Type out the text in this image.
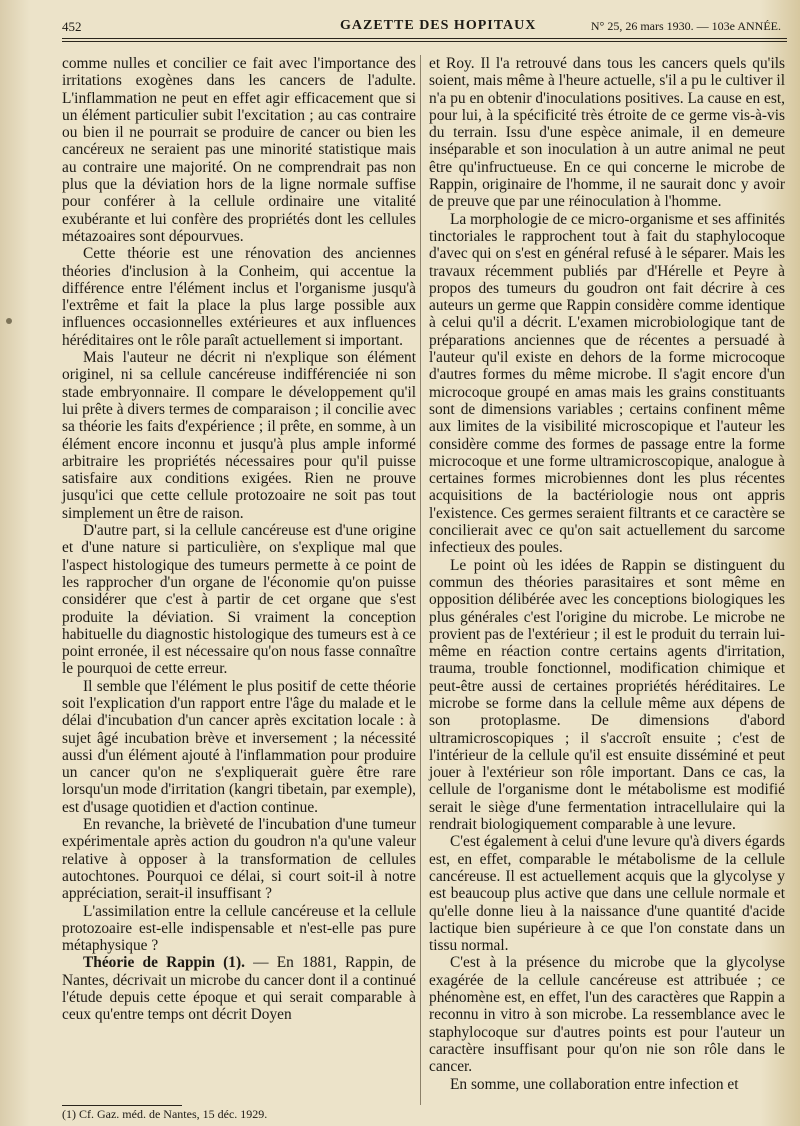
452	GAZETTE DES HOPITAUX	N° 25, 26 mars 1930. — 103e ANNÉE.

comme nulles et concilier ce fait avec l'importance des irritations exogènes dans les cancers de l'adulte. L'inflammation ne peut en effet agir efficacement que si un élément particulier subit l'excitation ; au cas contraire ou bien il ne pourrait se produire de cancer ou bien les cancéreux ne seraient pas une minorité statistique mais au contraire une majorité. On ne comprendrait pas non plus que la déviation hors de la ligne normale suffise pour conférer à la cellule ordinaire une vitalité exubérante et lui confère des propriétés dont les cellules métazoaires sont dépourvues.

Cette théorie est une rénovation des anciennes théories d'inclusion à la Conheim, qui accentue la différence entre l'élément inclus et l'organisme jusqu'à l'extrême et fait la place la plus large possible aux influences occasionnelles extérieures et aux influences héréditaires ont le rôle paraît actuellement si important.

Mais l'auteur ne décrit ni n'explique son élément originel, ni sa cellule cancéreuse indifférenciée ni son stade embryonnaire. Il compare le développement qu'il lui prête à divers termes de comparaison ; il concilie avec sa théorie les faits d'expérience ; il prête, en somme, à un élément encore inconnu et jusqu'à plus ample informé arbitraire les propriétés nécessaires pour qu'il puisse satisfaire aux conditions exigées. Rien ne prouve jusqu'ici que cette cellule protozoaire ne soit pas tout simplement un être de raison.

D'autre part, si la cellule cancéreuse est d'une origine et d'une nature si particulière, on s'explique mal que l'aspect histologique des tumeurs permette à ce point de les rapprocher d'un organe de l'économie qu'on puisse considérer que c'est à partir de cet organe que s'est produite la déviation. Si vraiment la conception habituelle du diagnostic histologique des tumeurs est à ce point erronée, il est nécessaire qu'on nous fasse connaître le pourquoi de cette erreur.

Il semble que l'élément le plus positif de cette théorie soit l'explication d'un rapport entre l'âge du malade et le délai d'incubation d'un cancer après excitation locale : à sujet âgé incubation brève et inversement ; la nécessité aussi d'un élément ajouté à l'inflammation pour produire un cancer qu'on ne s'expliquerait guère être rare lorsqu'un mode d'irritation (kangri tibetain, par exemple), est d'usage quotidien et d'action continue.

En revanche, la brièveté de l'incubation d'une tumeur expérimentale après action du goudron n'a qu'une valeur relative à opposer à la transformation de cellules autochtones. Pourquoi ce délai, si court soit-il à notre appréciation, serait-il insuffisant ?

L'assimilation entre la cellule cancéreuse et la cellule protozoaire est-elle indispensable et n'est-elle pas pure métaphysique ?

Théorie de Rappin (1). — En 1881, Rappin, de Nantes, décrivait un microbe du cancer dont il a continué l'étude depuis cette époque et qui serait comparable à ceux qu'entre temps ont décrit Doyen

et Roy. Il l'a retrouvé dans tous les cancers quels qu'ils soient, mais même à l'heure actuelle, s'il a pu le cultiver il n'a pu en obtenir d'inoculations positives. La cause en est, pour lui, à la spécificité très étroite de ce germe vis-à-vis du terrain. Issu d'une espèce animale, il en demeure inséparable et son inoculation à un autre animal ne peut être qu'infructueuse. En ce qui concerne le microbe de Rappin, originaire de l'homme, il ne saurait donc y avoir de preuve que par une réinoculation à l'homme.

La morphologie de ce micro-organisme et ses affinités tinctoriales le rapprochent tout à fait du staphylocoque d'avec qui on s'est en général refusé à le séparer. Mais les travaux récemment publiés par d'Hérelle et Peyre à propos des tumeurs du goudron ont fait décrire à ces auteurs un germe que Rappin considère comme identique à celui qu'il a décrit. L'examen microbiologique tant de préparations anciennes que de récentes a persuadé à l'auteur qu'il existe en dehors de la forme microcoque d'autres formes du même microbe. Il s'agit encore d'un microcoque groupé en amas mais les grains constituants sont de dimensions variables ; certains confinent même aux limites de la visibilité microscopique et l'auteur les considère comme des formes de passage entre la forme microcoque et une forme ultramicroscopique, analogue à certaines formes microbiennes dont les plus récentes acquisitions de la bactériologie nous ont appris l'existence. Ces germes seraient filtrants et ce caractère se concilierait avec ce qu'on sait actuellement du sarcome infectieux des poules.

Le point où les idées de Rappin se distinguent du commun des théories parasitaires et sont même en opposition délibérée avec les conceptions biologiques les plus générales c'est l'origine du microbe. Le microbe ne provient pas de l'extérieur ; il est le produit du terrain lui-même en réaction contre certains agents d'irritation, trauma, trouble fonctionnel, modification chimique et peut-être aussi de certaines propriétés héréditaires. Le microbe se forme dans la cellule même aux dépens de son protoplasme. De dimensions d'abord ultramicroscopiques ; il s'accroît ensuite ; c'est de l'intérieur de la cellule qu'il est ensuite disséminé et peut jouer à l'extérieur son rôle important. Dans ce cas, la cellule de l'organisme dont le métabolisme est modifié serait le siège d'une fermentation intracellulaire qui la rendrait biologiquement comparable à une levure.

C'est également à celui d'une levure qu'à divers égards est, en effet, comparable le métabolisme de la cellule cancéreuse. Il est actuellement acquis que la glycolyse y est beaucoup plus active que dans une cellule normale et qu'elle donne lieu à la naissance d'une quantité d'acide lactique bien supérieure à ce que l'on constate dans un tissu normal.

C'est à la présence du microbe que la glycolyse exagérée de la cellule cancéreuse est attribuée ; ce phénomène est, en effet, l'un des caractères que Rappin a reconnu in vitro à son microbe. La ressemblance avec le staphylocoque sur d'autres points est pour l'auteur un caractère insuffisant pour qu'on nie son rôle dans le cancer.

En somme, une collaboration entre infection et

(1) Cf. Gaz. méd. de Nantes, 15 déc. 1929.
